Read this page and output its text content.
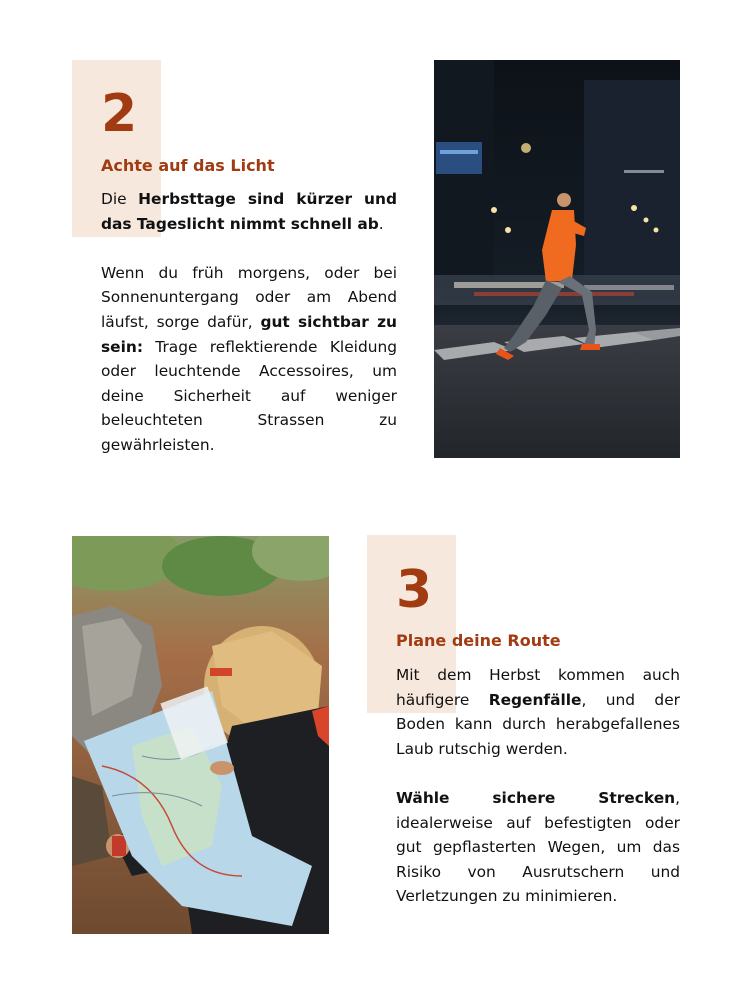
2
Achte auf das Licht

Die Herbsttage sind kürzer und das Tageslicht nimmt schnell ab.

Wenn du früh morgens, oder bei Sonnenuntergang oder am Abend läufst, sorge dafür, gut sichtbar zu sein: Trage reflektierende Kleidung oder leuchtende Accessoires, um deine Sicherheit auf weniger beleuchteten Strassen zu gewährleisten.

3
Plane deine Route

Mit dem Herbst kommen auch häufigere Regenfälle, und der Boden kann durch herabgefallenes Laub rutschig werden.

Wähle sichere Strecken, idealerweise auf befestigten oder gut gepflasterten Wegen, um das Risiko von Ausrutschern und Verletzungen zu minimieren.
